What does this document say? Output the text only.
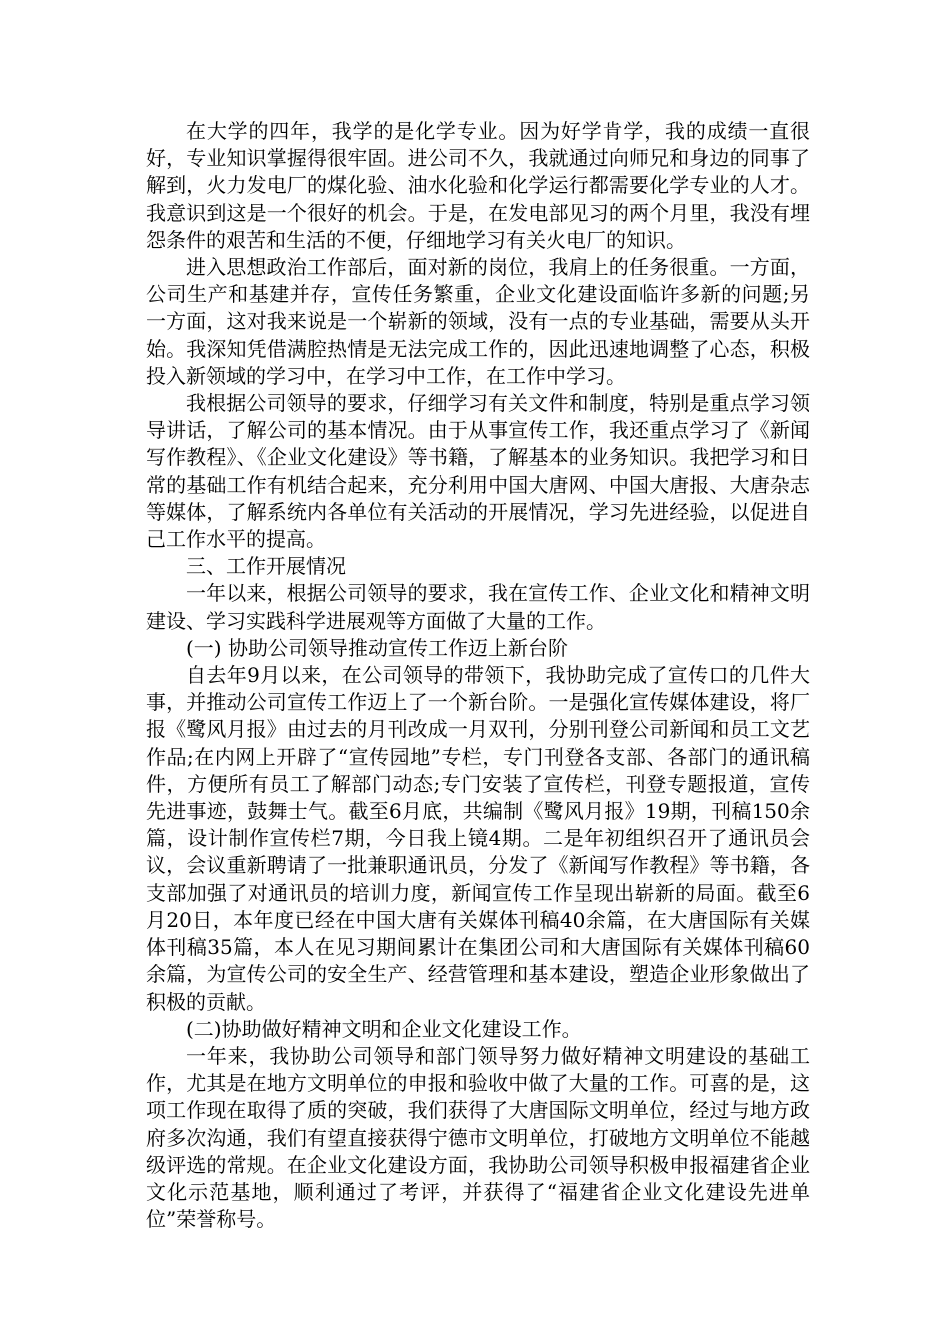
在大学的四年，我学的是化学专业。因为好学肯学，我的成绩一直很好，专业知识掌握得很牢固。进公司不久，我就通过向师兄和身边的同事了解到，火力发电厂的煤化验、油水化验和化学运行都需要化学专业的人才。我意识到这是一个很好的机会。于是，在发电部见习的两个月里，我没有埋怨条件的艰苦和生活的不便，仔细地学习有关火电厂的知识。

进入思想政治工作部后，面对新的岗位，我肩上的任务很重。一方面，公司生产和基建并存，宣传任务繁重，企业文化建设面临许多新的问题;另一方面，这对我来说是一个崭新的领域，没有一点的专业基础，需要从头开始。我深知凭借满腔热情是无法完成工作的，因此迅速地调整了心态，积极投入新领域的学习中，在学习中工作，在工作中学习。

我根据公司领导的要求，仔细学习有关文件和制度，特别是重点学习领导讲话，了解公司的基本情况。由于从事宣传工作，我还重点学习了《新闻写作教程》、《企业文化建设》等书籍，了解基本的业务知识。我把学习和日常的基础工作有机结合起来，充分利用中国大唐网、中国大唐报、大唐杂志等媒体，了解系统内各单位有关活动的开展情况，学习先进经验，以促进自己工作水平的提高。

三、工作开展情况

一年以来，根据公司领导的要求，我在宣传工作、企业文化和精神文明建设、学习实践科学进展观等方面做了大量的工作。

(一) 协助公司领导推动宣传工作迈上新台阶

自去年9月以来，在公司领导的带领下，我协助完成了宣传口的几件大事，并推动公司宣传工作迈上了一个新台阶。一是强化宣传媒体建设，将厂报《鹭风月报》由过去的月刊改成一月双刊，分别刊登公司新闻和员工文艺作品;在内网上开辟了“宣传园地”专栏，专门刊登各支部、各部门的通讯稿件，方便所有员工了解部门动态;专门安装了宣传栏，刊登专题报道，宣传先进事迹，鼓舞士气。截至6月底，共编制《鹭风月报》19期，刊稿150余篇，设计制作宣传栏7期，今日我上镜4期。二是年初组织召开了通讯员会议，会议重新聘请了一批兼职通讯员，分发了《新闻写作教程》等书籍，各支部加强了对通讯员的培训力度，新闻宣传工作呈现出崭新的局面。截至6月20日，本年度已经在中国大唐有关媒体刊稿40余篇，在大唐国际有关媒体刊稿35篇，本人在见习期间累计在集团公司和大唐国际有关媒体刊稿60余篇，为宣传公司的安全生产、经营管理和基本建设，塑造企业形象做出了积极的贡献。

(二)协助做好精神文明和企业文化建设工作。

一年来，我协助公司领导和部门领导努力做好精神文明建设的基础工作，尤其是在地方文明单位的申报和验收中做了大量的工作。可喜的是，这项工作现在取得了质的突破，我们获得了大唐国际文明单位，经过与地方政府多次沟通，我们有望直接获得宁德市文明单位，打破地方文明单位不能越级评选的常规。在企业文化建设方面，我协助公司领导积极申报福建省企业文化示范基地，顺利通过了考评，并获得了“福建省企业文化建设先进单位”荣誉称号。
